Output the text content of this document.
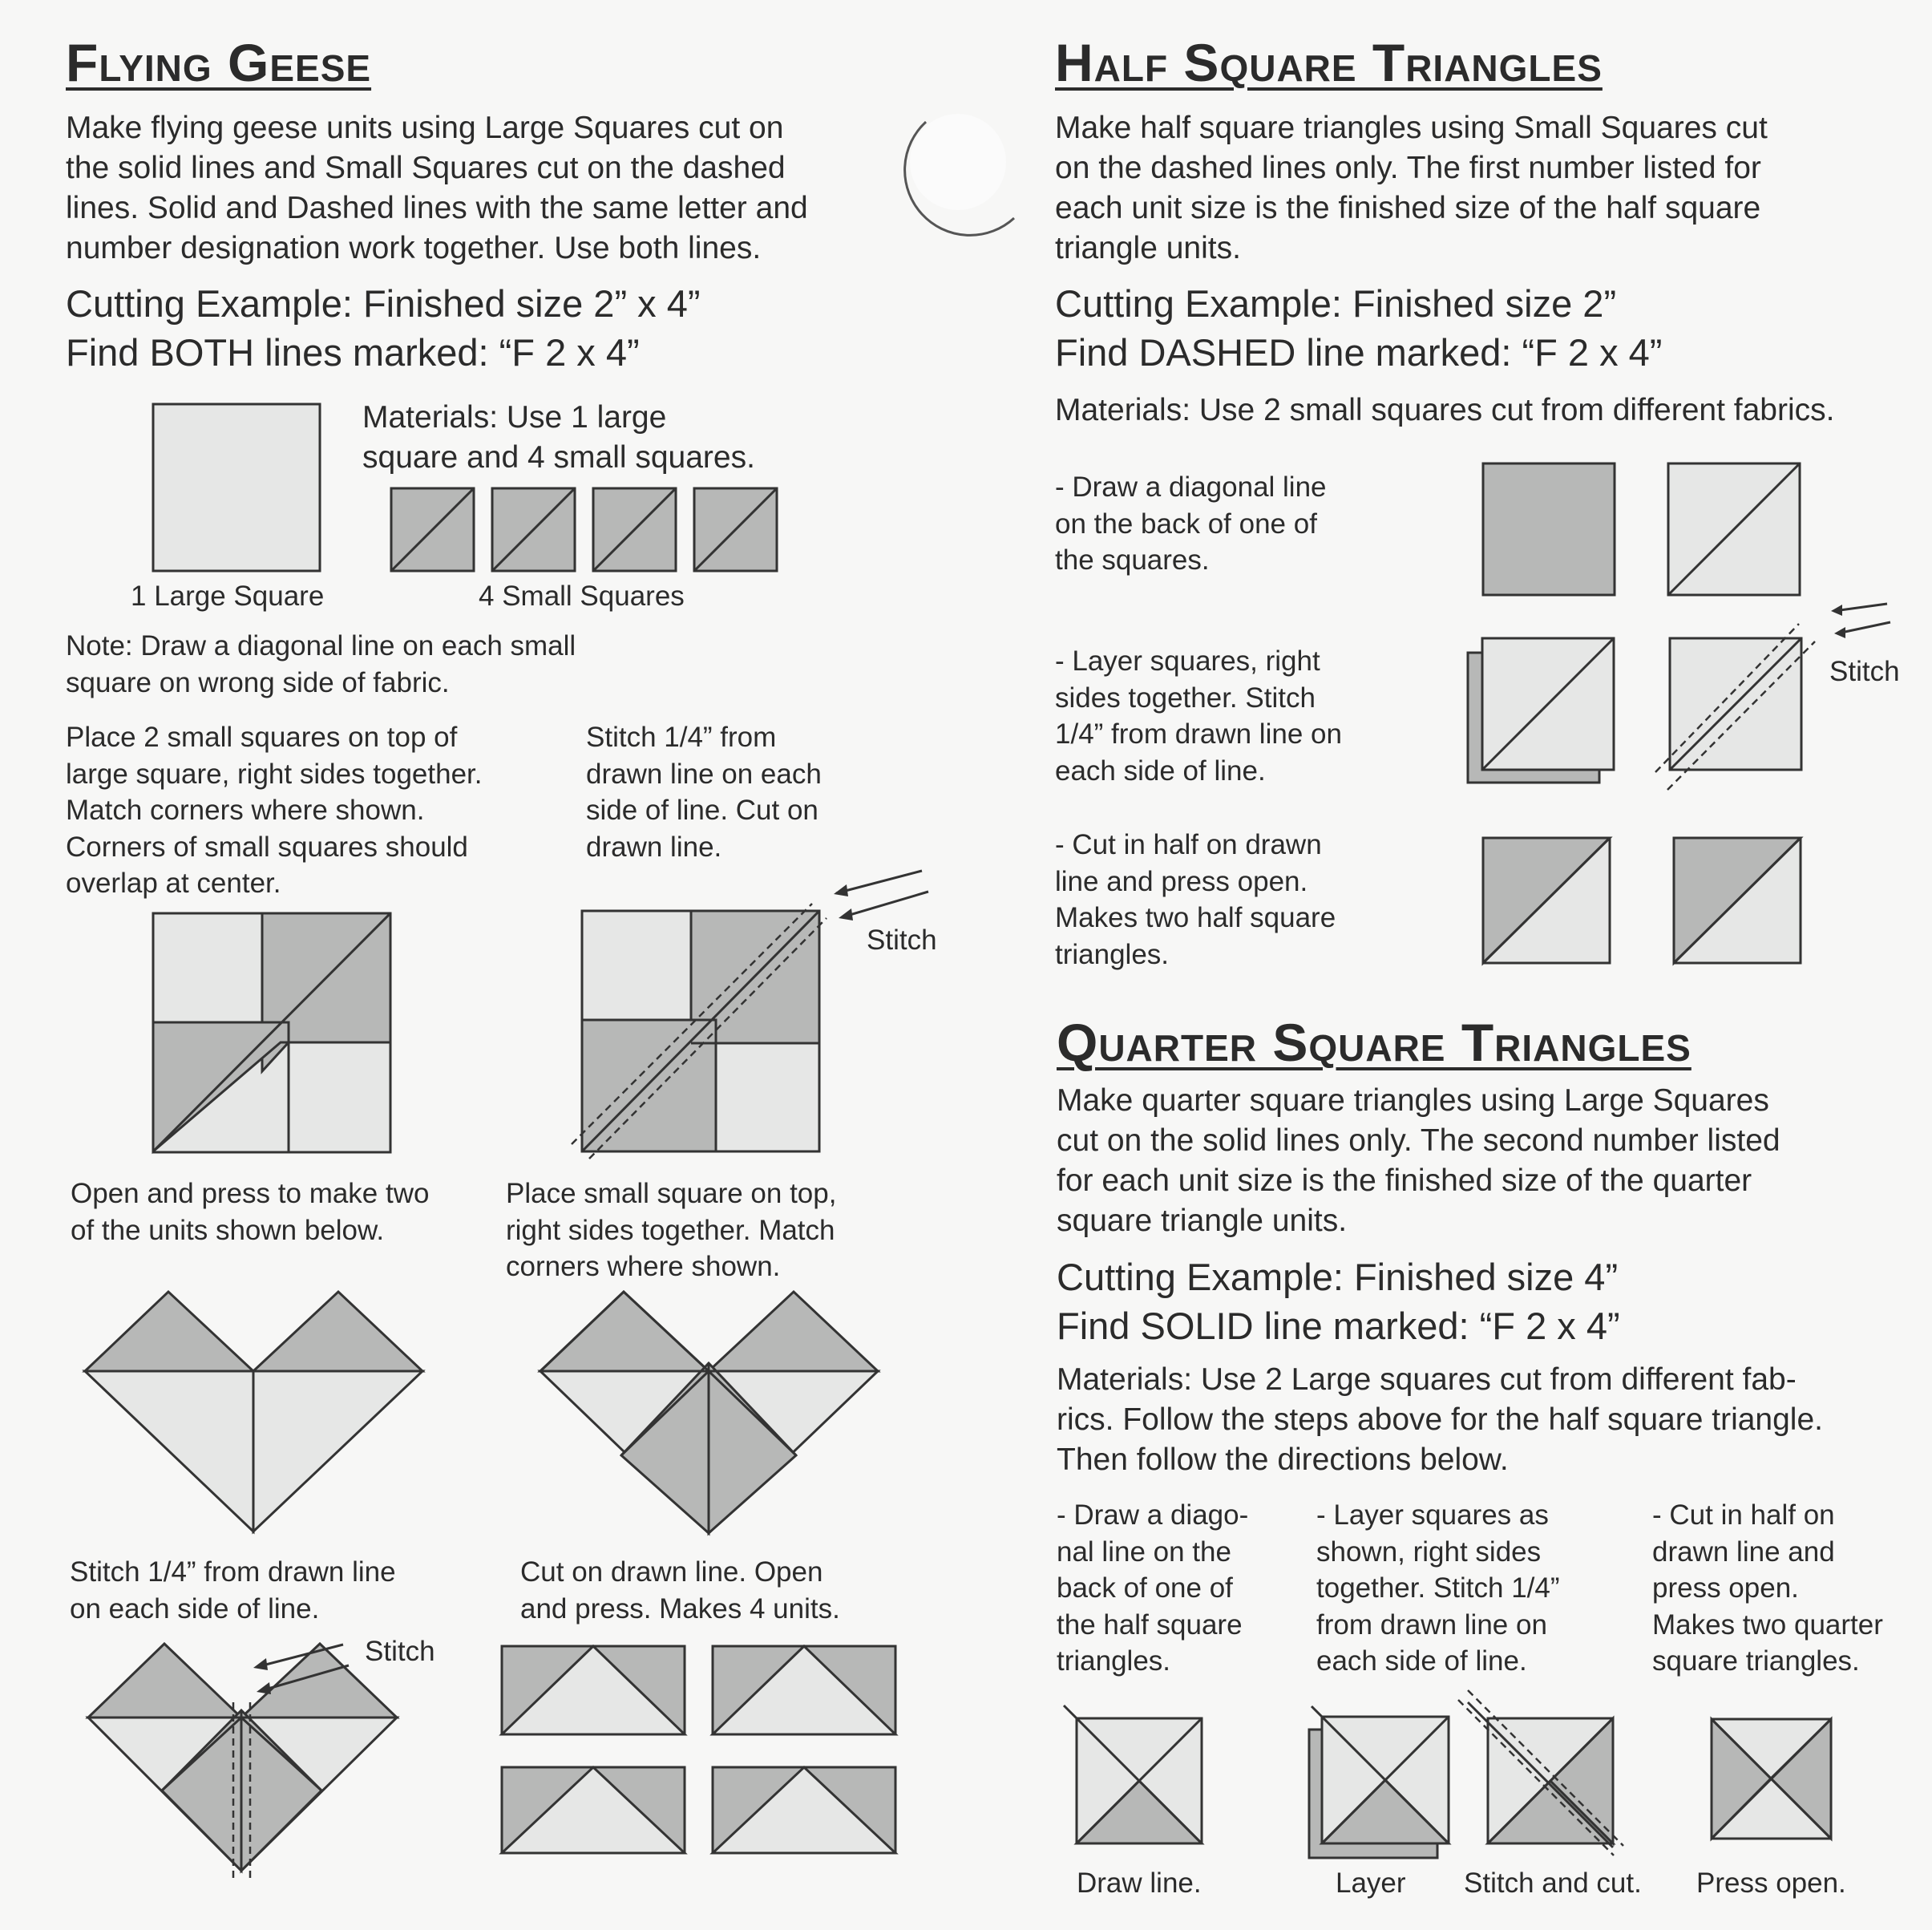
Flying Geese
Make flying geese units using Large Squares cut on
the solid lines and Small Squares cut on the dashed
lines. Solid and Dashed lines with the same letter and
number designation work together. Use both lines.
Cutting Example: Finished size 2” x 4”
Find BOTH lines marked: “F 2 x 4”
Materials: Use 1 large
square and 4 small squares.
1 Large Square	4 Small Squares
Note: Draw a diagonal line on each small
square on wrong side of fabric.
Place 2 small squares on top of
large square, right sides together.
Match corners where shown.
Corners of small squares should
overlap at center.
Stitch 1/4” from
drawn line on each
side of line. Cut on
drawn line.
Stitch
Open and press to make two
of the units shown below.
Place small square on top,
right sides together. Match
corners where shown.
Stitch 1/4” from drawn line
on each side of line.
Cut on drawn line. Open
and press. Makes 4 units.
Stitch
Half Square Triangles
Make half square triangles using Small Squares cut
on the dashed lines only. The first number listed for
each unit size is the finished size of the half square
triangle units.
Cutting Example: Finished size 2”
Find DASHED line marked: “F 2 x 4”
Materials: Use 2 small squares cut from different fabrics.
- Draw a diagonal line
on the back of one of
the squares.
- Layer squares, right
sides together. Stitch
1/4” from drawn line on
each side of line.
Stitch
- Cut in half on drawn
line and press open.
Makes two half square
triangles.
Quarter Square Triangles
Make quarter square triangles using Large Squares
cut on the solid lines only. The second number listed
for each unit size is the finished size of the quarter
square triangle units.
Cutting Example: Finished size 4”
Find SOLID line marked: “F 2 x 4”
Materials: Use 2 Large squares cut from different fab-
rics. Follow the steps above for the half square triangle.
Then follow the directions below.
- Draw a diago-
nal line on the
back of one of
the half square
triangles.
- Layer squares as
shown, right sides
together. Stitch 1/4”
from drawn line on
each side of line.
- Cut in half on
drawn line and
press open.
Makes two quarter
square triangles.
Draw line.	Layer Stitch and cut. Press open.
